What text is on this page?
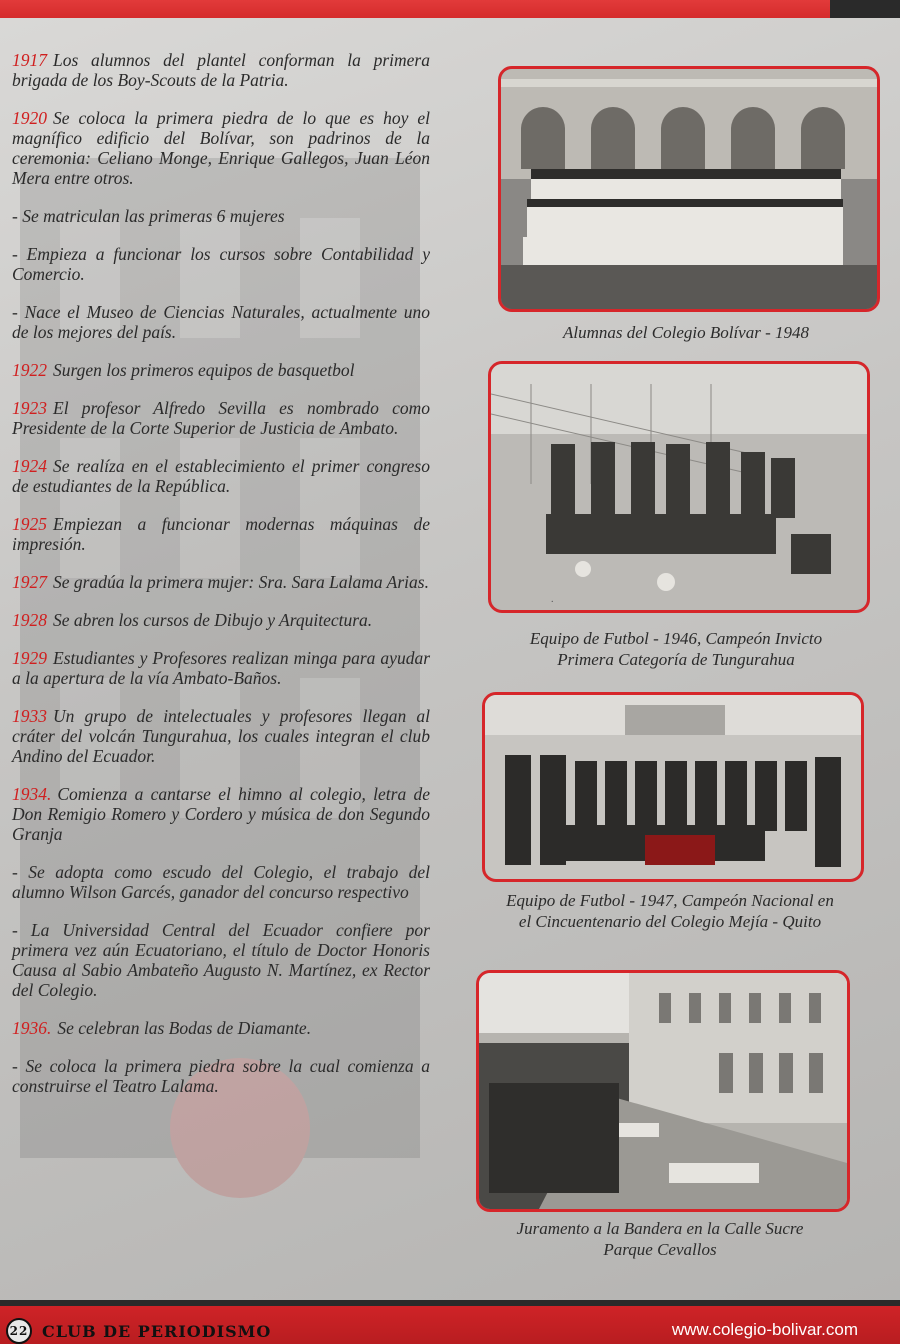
1917 Los alumnos del plantel conforman la primera brigada de los Boy-Scouts de la Patria.
1920 Se coloca la primera piedra de lo que es hoy el magnífico edificio del Bolívar, son padrinos de la ceremonia: Celiano Monge, Enrique Gallegos, Juan Léon Mera entre otros.
- Se matriculan las primeras 6 mujeres
- Empieza a funcionar los cursos sobre Contabilidad y Comercio.
- Nace el Museo de Ciencias Naturales, actualmente uno de los mejores del país.
1922 Surgen los primeros equipos de basquetbol
1923 El profesor Alfredo Sevilla es nombrado como Presidente de la Corte Superior de Justicia de Ambato.
1924 Se realíza en el establecimiento el primer congreso de estudiantes de la República.
1925 Empiezan a funcionar modernas máquinas de impresión.
1927 Se gradúa la primera mujer: Sra. Sara Lalama Arias.
1928 Se abren los cursos de Dibujo y Arquitectura.
1929 Estudiantes y Profesores realizan minga para ayudar a la apertura de la vía Ambato-Baños.
1933 Un grupo de intelectuales y profesores llegan al cráter del volcán Tungurahua, los cuales integran el club Andino del Ecuador.
1934. Comienza a cantarse el himno al colegio, letra de Don Remigio Romero y Cordero y música de don Segundo Granja
- Se adopta como escudo del Colegio, el trabajo del alumno Wilson Garcés, ganador del concurso respectivo
- La Universidad Central del Ecuador confiere por primera vez aún Ecuatoriano, el título de Doctor Honoris Causa al Sabio Ambateño Augusto N. Martínez, ex Rector del Colegio.
1936. Se celebran las Bodas de Diamante.
- Se coloca la primera piedra sobre la cual comienza a construirse el Teatro Lalama.
Alumnas del Colegio Bolívar - 1948
.
Equipo de Futbol - 1946, Campeón Invicto
Primera Categoría de Tungurahua
Equipo de Futbol - 1947, Campeón Nacional en
el Cincuentenario del Colegio Mejía - Quito
Juramento a la Bandera en la Calle Sucre
Parque Cevallos
22 CLUB DE PERIODISMO	www.colegio-bolivar.com
